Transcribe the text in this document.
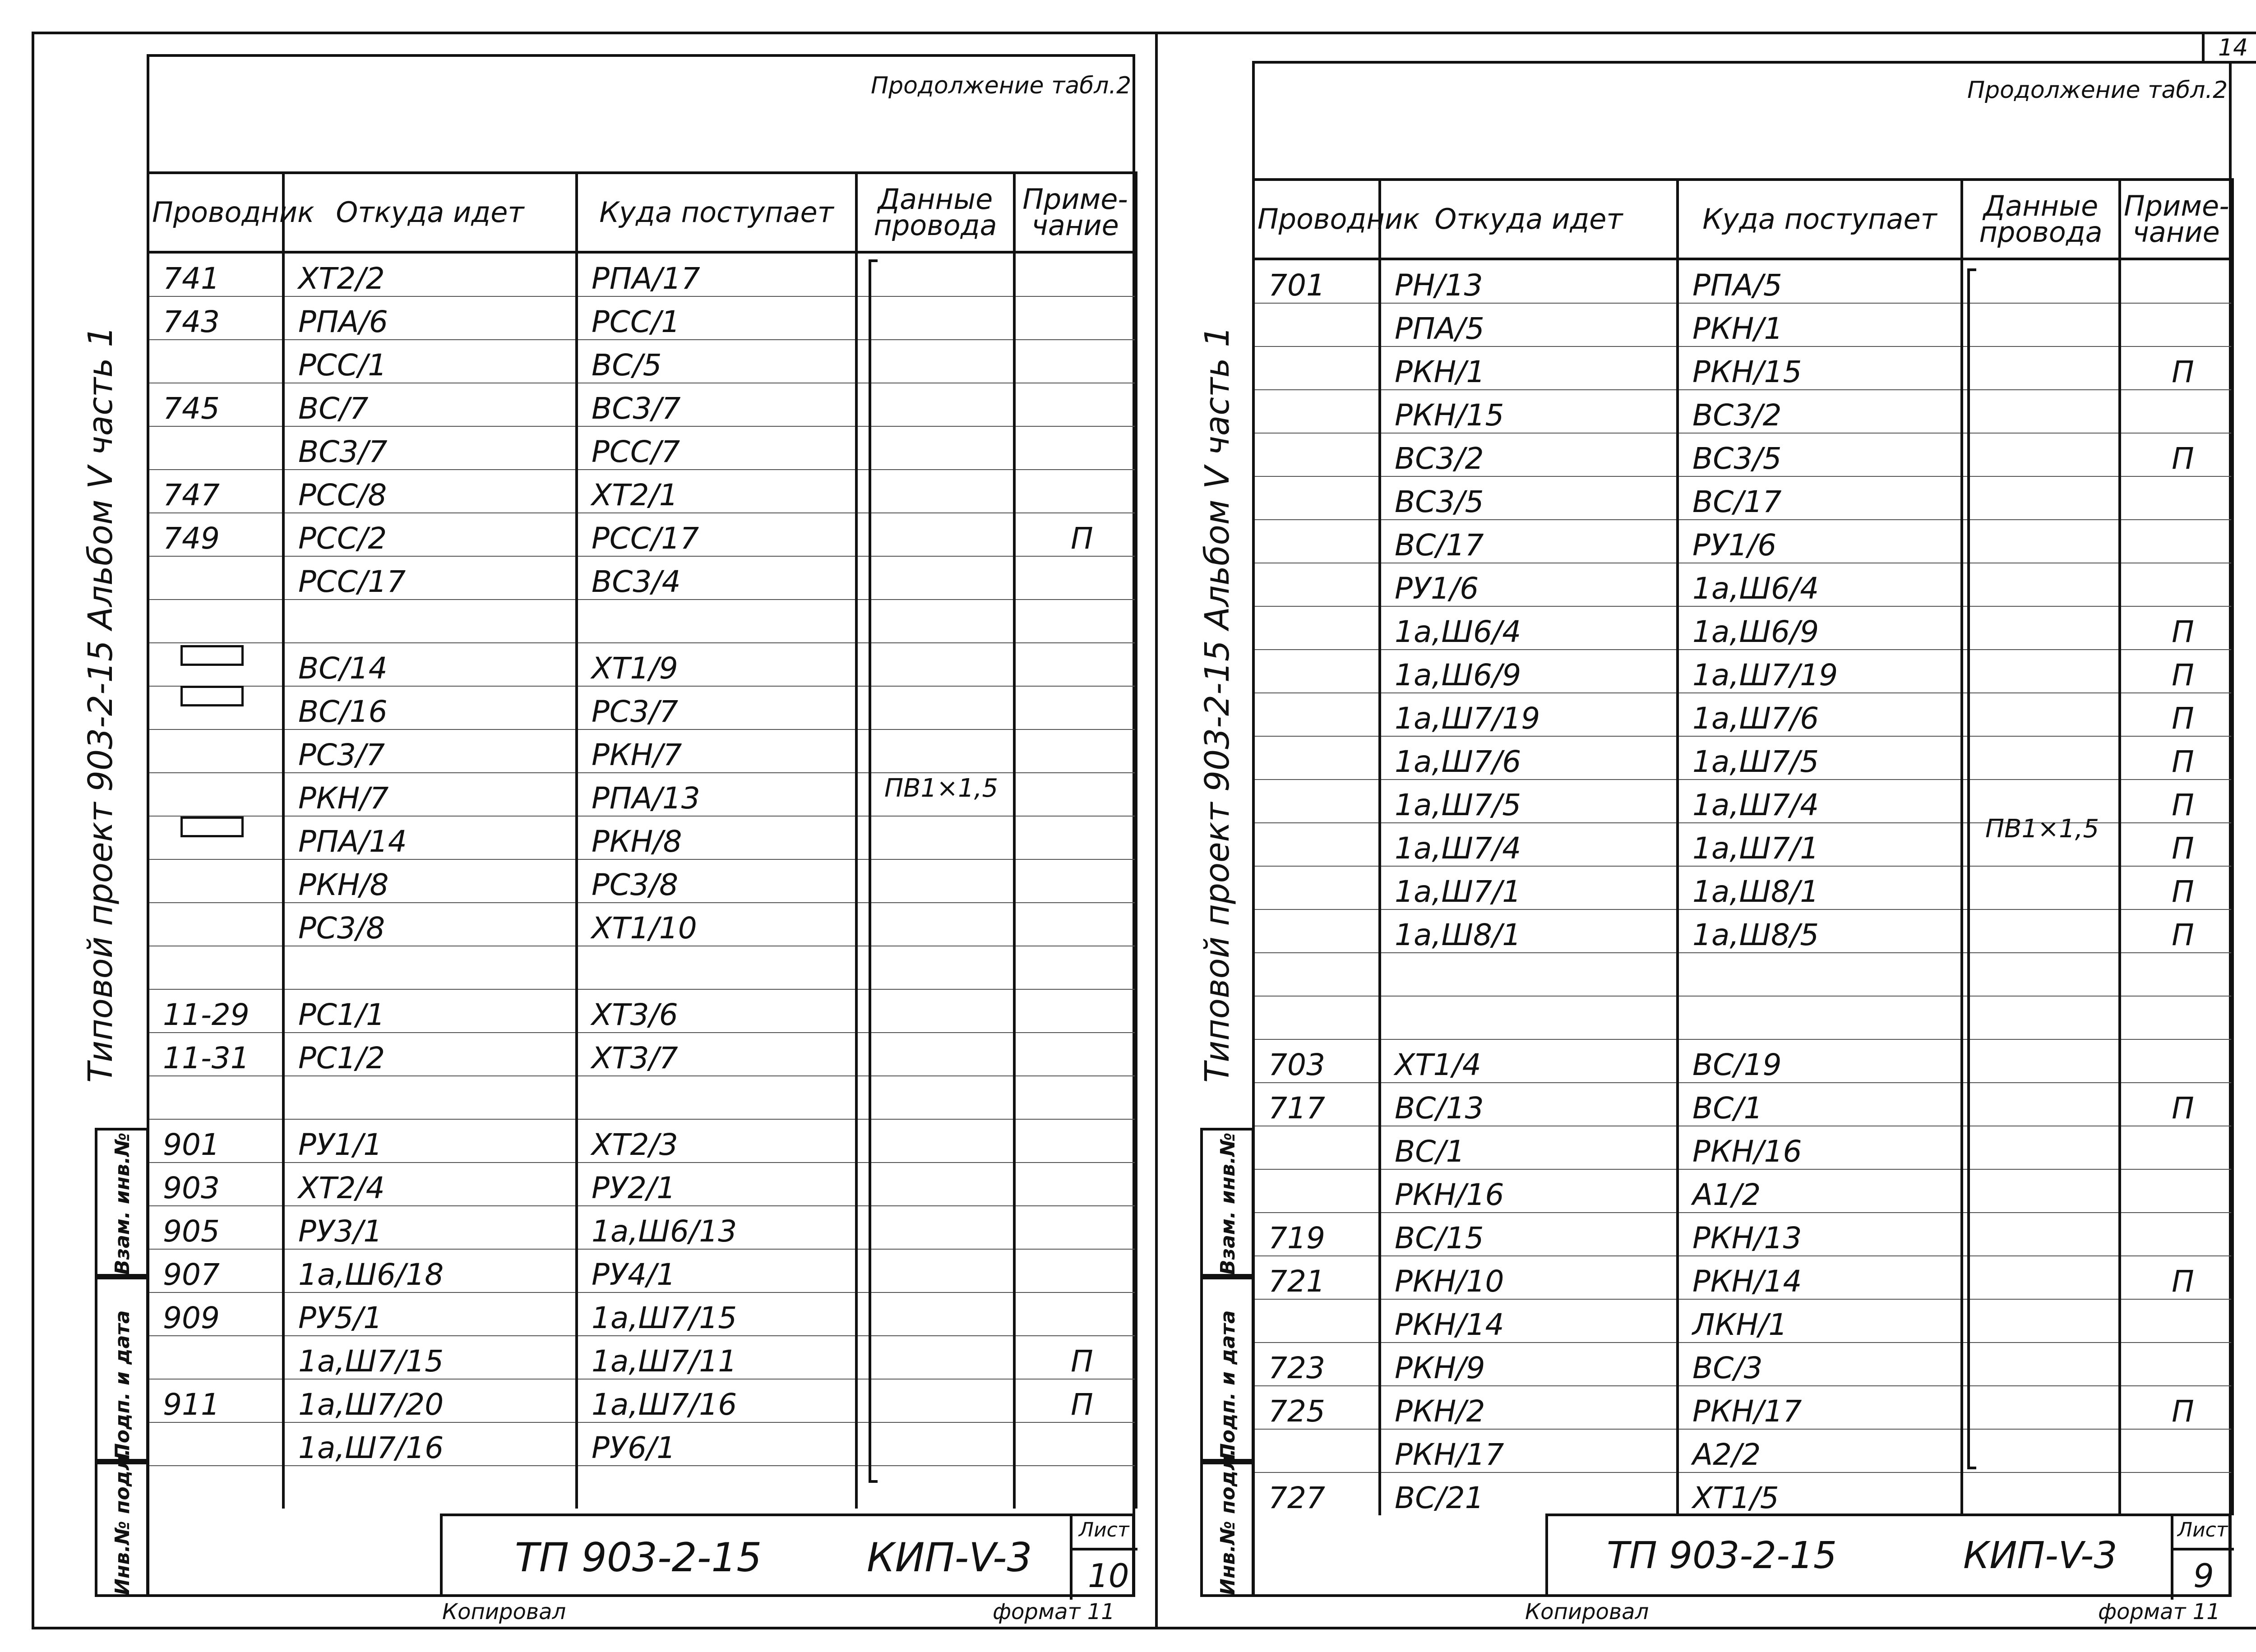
Продолжение табл.2
Типовой проект 903-2-15 Альбом V часть 1
Инв.№ подл.
Подп. и дата
Взам. инв.№
Проводник	Откуда идет	Куда поступает	Данные провода	Приме-чание
741	ХТ2/2	РПА/17		
743	РПА/6	РСС/1		
	РСС/1	ВС/5		
745	ВС/7	ВС3/7		
	ВС3/7	РСС/7		
747	РСС/8	ХТ2/1		
749	РСС/2	РСС/17		П
	РСС/17	ВС3/4		

	ВС/14	ХТ1/9		
	ВС/16	РС3/7		
	РС3/7	РКН/7		
	РКН/7	РПА/13		
	РПА/14	РКН/8		
	РКН/8	РС3/8		
	РС3/8	ХТ1/10		

11-29	РС1/1	ХТ3/6		
11-31	РС1/2	ХТ3/7		

901	РУ1/1	ХТ2/3		
903	ХТ2/4	РУ2/1		
905	РУ3/1	1а,Ш6/13		
907	1а,Ш6/18	РУ4/1		
909	РУ5/1	1а,Ш7/15		
	1а,Ш7/15	1а,Ш7/11		П
911	1а,Ш7/20	1а,Ш7/16		П
	1а,Ш7/16	РУ6/1		

ПВ1×1,5
ТП 903-2-15	КИП-V-3
Лист
10
Копировал	формат 11
14
Продолжение табл.2
Типовой проект 903-2-15 Альбом V часть 1
Инв.№ подл.
Подп. и дата
Взам. инв.№
Проводник	Откуда идет	Куда поступает	Данные провода	Приме-чание
701	РН/13	РПА/5		
	РПА/5	РКН/1		
	РКН/1	РКН/15		П
	РКН/15	ВС3/2		
	ВС3/2	ВС3/5		П
	ВС3/5	ВС/17		
	ВС/17	РУ1/6		
	РУ1/6	1а,Ш6/4		
	1а,Ш6/4	1а,Ш6/9		П
	1а,Ш6/9	1а,Ш7/19		П
	1а,Ш7/19	1а,Ш7/6		П
	1а,Ш7/6	1а,Ш7/5		П
	1а,Ш7/5	1а,Ш7/4		П
	1а,Ш7/4	1а,Ш7/1		П
	1а,Ш7/1	1а,Ш8/1		П
	1а,Ш8/1	1а,Ш8/5		П

703	ХТ1/4	ВС/19		
717	ВС/13	ВС/1		П
	ВС/1	РКН/16		
	РКН/16	А1/2		
719	ВС/15	РКН/13		
721	РКН/10	РКН/14		П
	РКН/14	ЛКН/1		
723	РКН/9	ВС/3		
725	РКН/2	РКН/17		П
	РКН/17	А2/2		
727	ВС/21	ХТ1/5		
ПВ1×1,5
ТП 903-2-15	КИП-V-3
Лист
9
Копировал	формат 11
